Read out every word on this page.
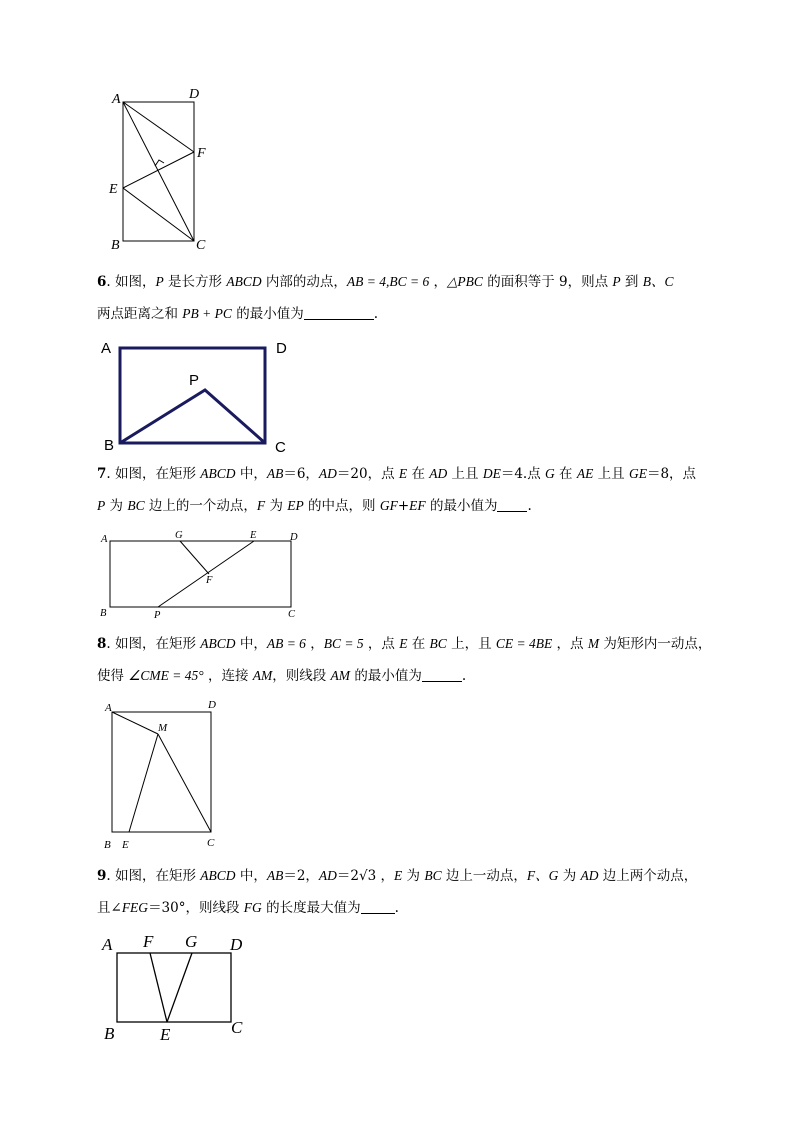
A	D
F
E
B	C
6. 如图，P 是长方形 ABCD 内部的动点，AB = 4,BC = 6 ，△PBC 的面积等于 9，则点 P 到 B、C
两点距离之和 PB + PC 的最小值为	.
A	D
P
B	C
7. 如图，在矩形 ABCD 中，AB＝6，AD＝20，点 E 在 AD 上且 DE＝4.点 G 在 AE 上且 GE＝8，点
P 为 BC 边上的一个动点，F 为 EP 的中点，则 GF+EF 的最小值为 .
A	G	E	D
F
B	P	C
8. 如图，在矩形 ABCD 中，AB = 6 ，BC = 5 ，点 E 在 BC 上，且 CE = 4BE ，点 M 为矩形内一动点，
使得 ∠CME = 45° ，连接 AM，则线段 AM 的最小值为	.
A	D
M
B E	C
9. 如图，在矩形 ABCD 中，AB＝2，AD＝2√3 ，E 为 BC 边上一动点，F、G 为 AD 边上两个动点，
且∠FEG＝30°，则线段 FG 的长度最大值为	.
A F G D
B	E	C
